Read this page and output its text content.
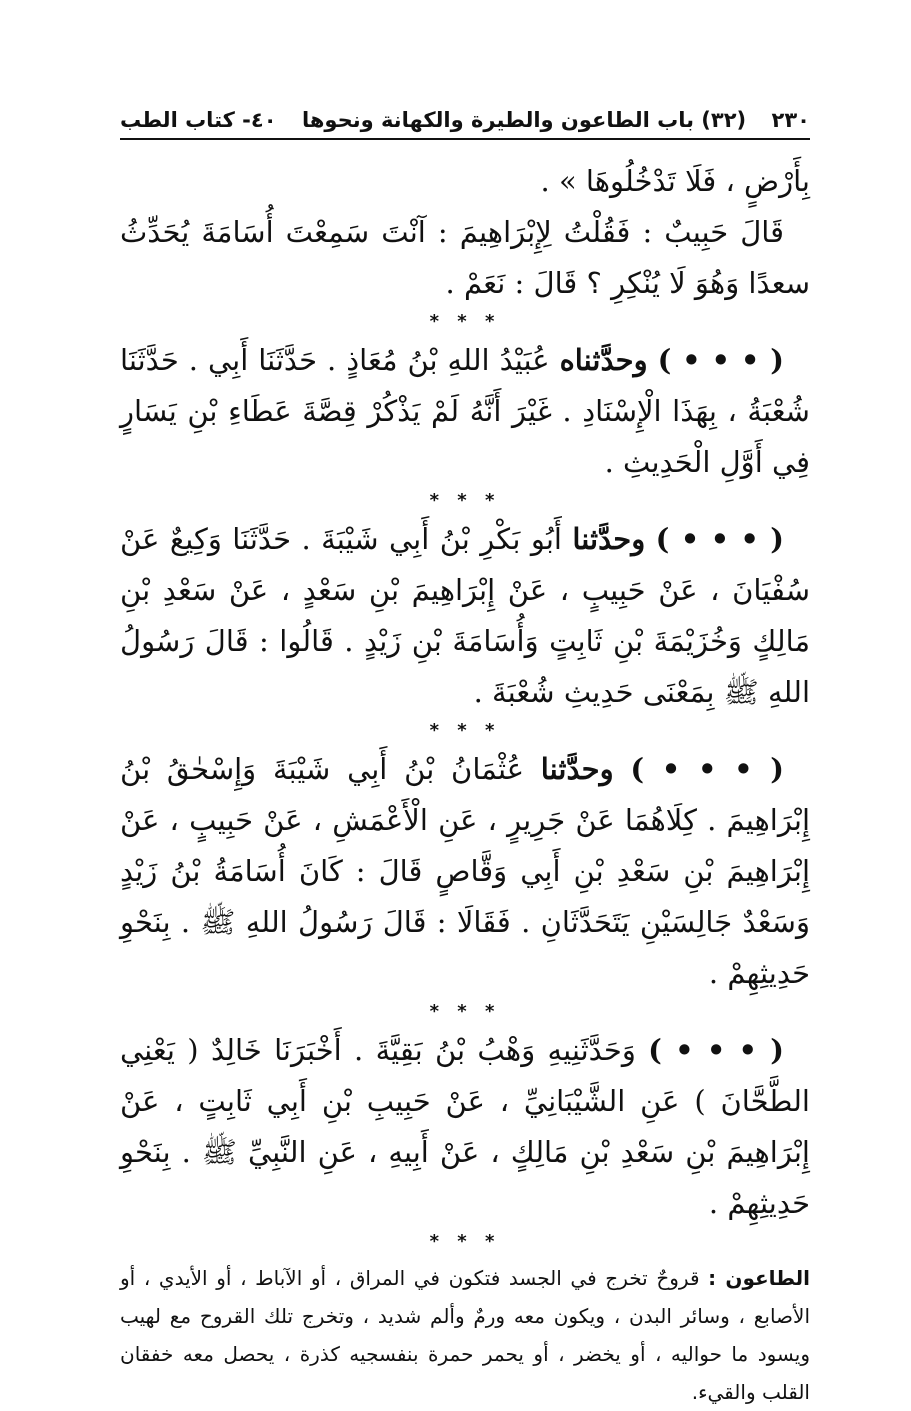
٢٣٠
(٣٢) باب الطاعون والطيرة والكهانة ونحوها
٤٠- كتاب الطب

بِأَرْضٍ ، فَلَا تَدْخُلُوهَا » .

قَالَ حَبِيبٌ : فَقُلْتُ لِإِبْرَاهِيمَ : آنْتَ سَمِعْتَ أُسَامَةَ يُحَدِّثُ سعدًا وَهُوَ لَا يُنْكِرِ ؟ قَالَ : نَعَمْ .

* * *

( • • • ) وحدَّثناه عُبَيْدُ اللهِ بْنُ مُعَاذٍ . حَدَّثَنَا أَبِي . حَدَّثَنَا شُعْبَةُ ، بِهَذَا الْإِسْنَادِ . غَيْرَ أَنَّهُ لَمْ يَذْكُرْ قِصَّةَ عَطَاءِ بْنِ يَسَارٍ فِي أَوَّلِ الْحَدِيثِ .

* * *

( • • • ) وحدَّثنا أَبُو بَكْرِ بْنُ أَبِي شَيْبَةَ . حَدَّثَنَا وَكِيعٌ عَنْ سُفْيَانَ ، عَنْ حَبِيبٍ ، عَنْ إِبْرَاهِيمَ بْنِ سَعْدٍ ، عَنْ سَعْدِ بْنِ مَالِكٍ وَخُزَيْمَةَ بْنِ ثَابِتٍ وَأُسَامَةَ بْنِ زَيْدٍ . قَالُوا : قَالَ رَسُولُ اللهِ ﷺ بِمَعْنَى حَدِيثِ شُعْبَةَ .

* * *

( • • • ) وحدَّثنا عُثْمَانُ بْنُ أَبِي شَيْبَةَ وَإِسْحٰقُ بْنُ إِبْرَاهِيمَ . كِلَاهُمَا عَنْ جَرِيرٍ ، عَنِ الْأَعْمَشِ ، عَنْ حَبِيبٍ ، عَنْ إِبْرَاهِيمَ بْنِ سَعْدِ بْنِ أَبِي وَقَّاصٍ قَالَ : كَانَ أُسَامَةُ بْنُ زَيْدٍ وَسَعْدٌ جَالِسَيْنِ يَتَحَدَّثَانِ . فَقَالَا : قَالَ رَسُولُ اللهِ ﷺ . بِنَحْوِ حَدِيثِهِمْ .

* * *

( • • • ) وَحَدَّثَنِيهِ وَهْبُ بْنُ بَقِيَّةَ . أَخْبَرَنَا خَالِدٌ ( يَعْنِي الطَّحَّانَ ) عَنِ الشَّيْبَانِيِّ ، عَنْ حَبِيبِ بْنِ أَبِي ثَابِتٍ ، عَنْ إِبْرَاهِيمَ بْنِ سَعْدِ بْنِ مَالِكٍ ، عَنْ أَبِيهِ ، عَنِ النَّبِيِّ ﷺ . بِنَحْوِ حَدِيثِهِمْ .

* * *
الطاعون : قروحٌ تخرج في الجسد فتكون في المراق ، أو الآباط ، أو الأيدي ، أو الأصابع ، وسائر البدن ، ويكون معه ورمٌ وألم شديد ، وتخرج تلك القروح مع لهيب ويسود ما حواليه ، أو يخضر ، أو يحمر حمرة بنفسجيه كذرة ، يحصل معه خفقان القلب والقيء.
